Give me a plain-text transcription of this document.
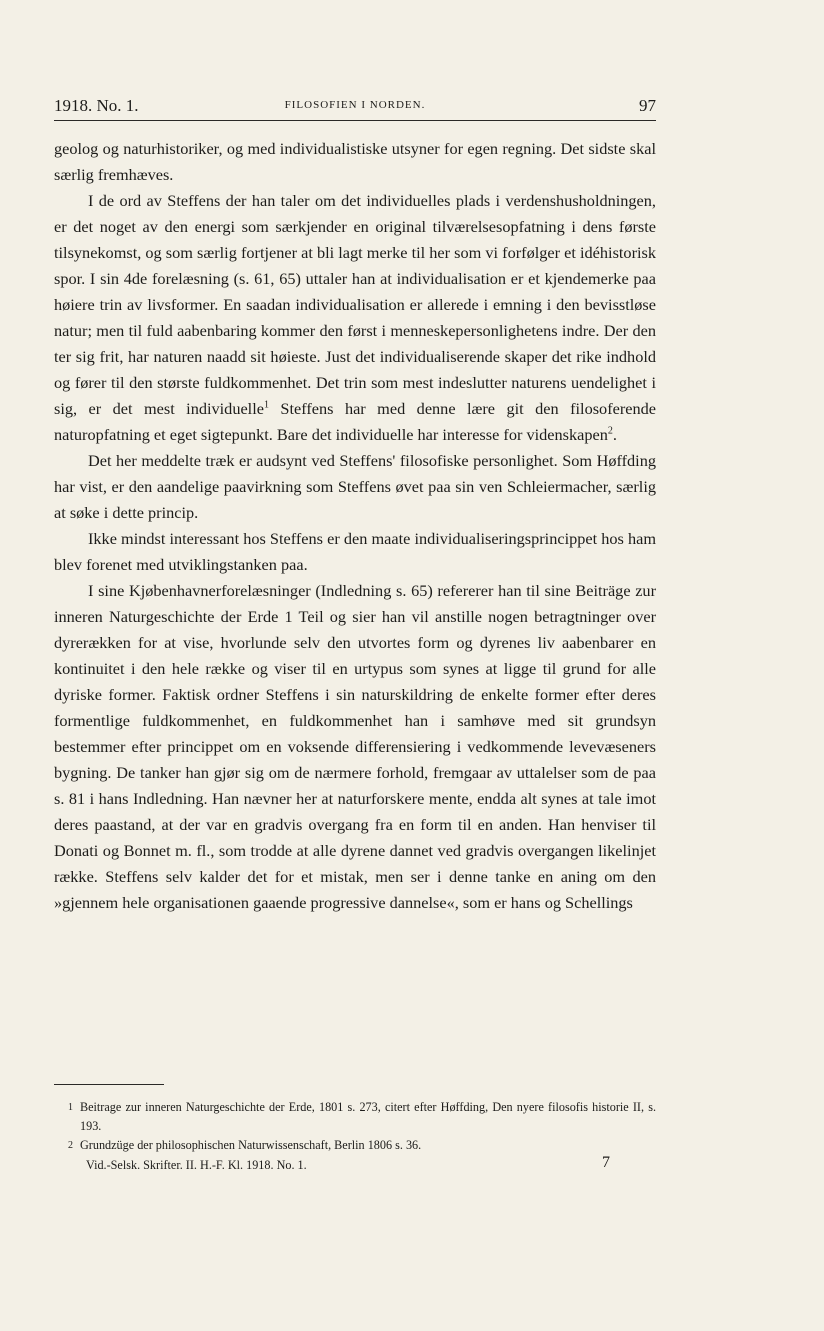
1918. No. 1.	FILOSOFIEN I NORDEN.	97

geolog og naturhistoriker, og med individualistiske utsyner for egen regning. Det sidste skal særlig fremhæves.

I de ord av Steffens der han taler om det individuelles plads i verdenshusholdningen, er det noget av den energi som særkjender en original tilværelsesopfatning i dens første tilsynekomst, og som særlig fortjener at bli lagt merke til her som vi forfølger et idéhistorisk spor. I sin 4de forelæsning (s. 61, 65) uttaler han at individualisation er et kjendemerke paa høiere trin av livsformer. En saadan individualisation er allerede i emning i den bevisstløse natur; men til fuld aabenbaring kommer den først i menneskepersonlighetens indre. Der den ter sig frit, har naturen naadd sit høieste. Just det individualiserende skaper det rike indhold og fører til den største fuldkommenhet. Det trin som mest indeslutter naturens uendelighet i sig, er det mest individuelle$^1$ Steffens har med denne lære git den filosoferende naturopfatning et eget sigtepunkt. Bare det individuelle har interesse for videnskapen$^2$.

Det her meddelte træk er audsynt ved Steffens' filosofiske personlighet. Som Høffding har vist, er den aandelige paavirkning som Steffens øvet paa sin ven Schleiermacher, særlig at søke i dette princip.

Ikke mindst interessant hos Steffens er den maate individualiseringsprincippet hos ham blev forenet med utviklingstanken paa.

I sine Kjøbenhavnerforelæsninger (Indledning s. 65) refererer han til sine Beiträge zur inneren Naturgeschichte der Erde 1 Teil og sier han vil anstille nogen betragtninger over dyrerækken for at vise, hvorlunde selv den utvortes form og dyrenes liv aabenbarer en kontinuitet i den hele række og viser til en urtypus som synes at ligge til grund for alle dyriske former. Faktisk ordner Steffens i sin naturskildring de enkelte former efter deres formentlige fuldkommenhet, en fuldkommenhet han i samhøve med sit grundsyn bestemmer efter princippet om en voksende differensiering i vedkommende levevæseners bygning. De tanker han gjør sig om de nærmere forhold, fremgaar av uttalelser som de paa s. 81 i hans Indledning. Han nævner her at naturforskere mente, endda alt synes at tale imot deres paastand, at der var en gradvis overgang fra en form til en anden. Han henviser til Donati og Bonnet m. fl., som trodde at alle dyrene dannet ved gradvis overgangen likelinjet række. Steffens selv kalder det for et mistak, men ser i denne tanke en aning om den »gjennem hele organisationen gaaende progressive dannelse«, som er hans og Schellings

1 Beitrage zur inneren Naturgeschichte der Erde, 1801 s. 273, citert efter Høffding, Den nyere filosofis historie II, s. 193.
2 Grundzüge der philosophischen Naturwissenschaft, Berlin 1806 s. 36.
Vid.-Selsk. Skrifter. II. H.-F. Kl. 1918. No. 1.	7
